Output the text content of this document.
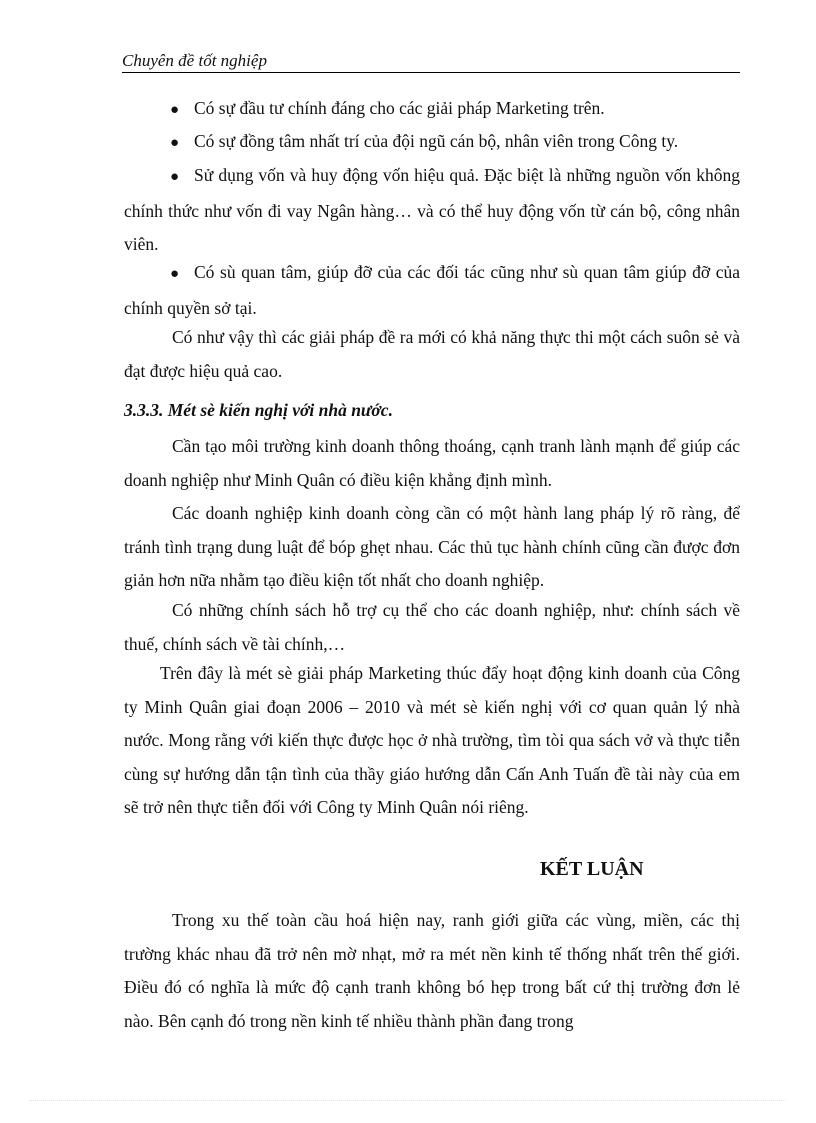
Chuyên đề tốt nghiệp

● Có sự đầu tư chính đáng cho các giải pháp Marketing trên.

● Có sự đồng tâm nhất trí của đội ngũ cán bộ, nhân viên trong Công ty.

● Sử dụng vốn và huy động vốn hiệu quả. Đặc biệt là những nguồn vốn không chính thức như vốn đi vay Ngân hàng… và có thể huy động vốn từ cán bộ, công nhân viên.

● Có sù quan tâm, giúp đỡ của các đối tác cũng như sù quan tâm giúp đỡ của chính quyền sở tại.

Có như vậy thì các giải pháp đề ra mới có khả năng thực thi một cách suôn sẻ và đạt được hiệu quả cao.

3.3.3. Mét sè kiến nghị với nhà nước.

Cần tạo môi trường kinh doanh thông thoáng, cạnh tranh lành mạnh để giúp các doanh nghiệp như Minh Quân có điều kiện khẳng định mình.

Các doanh nghiệp kinh doanh còng cần có một hành lang pháp lý rõ ràng, để tránh tình trạng dung luật để bóp ghẹt nhau. Các thủ tục hành chính cũng cần được đơn giản hơn nữa nhằm tạo điều kiện tốt nhất cho doanh nghiệp.

Có những chính sách hỗ trợ cụ thể cho các doanh nghiệp, như: chính sách về thuế, chính sách về tài chính,…

Trên đây là mét sè giải pháp Marketing thúc đẩy hoạt động kinh doanh của Công ty Minh Quân giai đoạn 2006 – 2010 và mét sè kiến nghị với cơ quan quản lý nhà nước. Mong rằng với kiến thực được học ở nhà trường, tìm tòi qua sách vở và thực tiễn cùng sự hướng dẫn tận tình của thầy giáo hướng dẫn Cấn Anh Tuấn đề tài này của em sẽ trở nên thực tiễn đối với Công ty Minh Quân nói riêng.

KẾT LUẬN

Trong xu thế toàn cầu hoá hiện nay, ranh giới giữa các vùng, miền, các thị trường khác nhau đã trở nên mờ nhạt, mở ra mét nền kinh tế thống nhất trên thế giới. Điều đó có nghĩa là mức độ cạnh tranh không bó hẹp trong bất cứ thị trường đơn lẻ nào. Bên cạnh đó trong nền kinh tế nhiều thành phần đang trong
